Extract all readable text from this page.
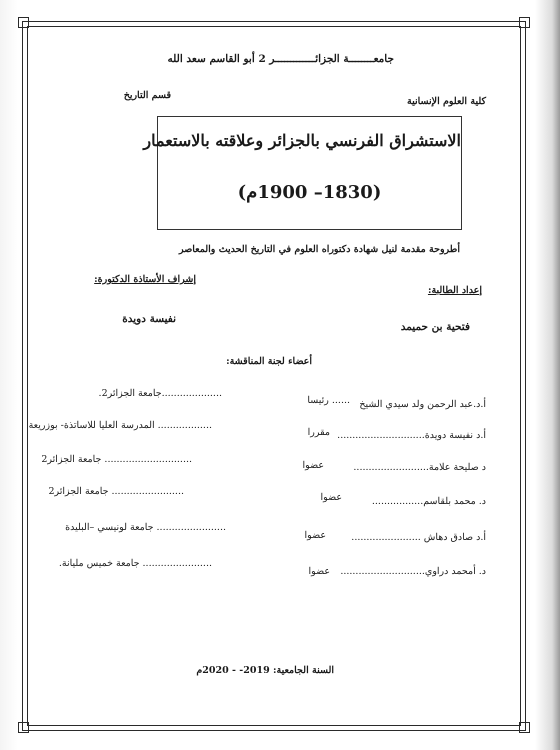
جامعــــــــة الجزائـــــــــــــر 2 أبو القاسم سعد الله
كلية العلوم الإنسانية
قسم التاريخ
الاستشراق الفرنسي بالجزائر وعلاقته بالاستعمار
(1830– 1900م)
أطروحة مقدمة لنيل شهادة دكتوراه العلوم في التاريخ الحديث والمعاصر
إعداد الطالبة:
إشراف الأستاذة الدكتورة:
فتحية بن حميمد
نفيسة دويدة
أعضاء لجنة المناقشة:
أ.د.عبد الرحمن ولد سيدي الشيخ
...... رئيسا
....................جامعة الجزائر2.
أ.د نفيسة دويدة.............................
مقررا
.................. المدرسة العليا للاساتذة- بوزريعة
د صليحة علامة.........................
عضوا
............................. جامعة الجزائر2
د. محمد بلقاسم.................
عضوا
........................ جامعة الجزائر2
أ.د صادق دهاش .......................
عضوا
....................... جامعة لونيسي –البليدة
د. أمحمد دراوي............................
عضوا
....................... جامعة خميس مليانة.
السنة الجامعية: 2019- - 2020م
